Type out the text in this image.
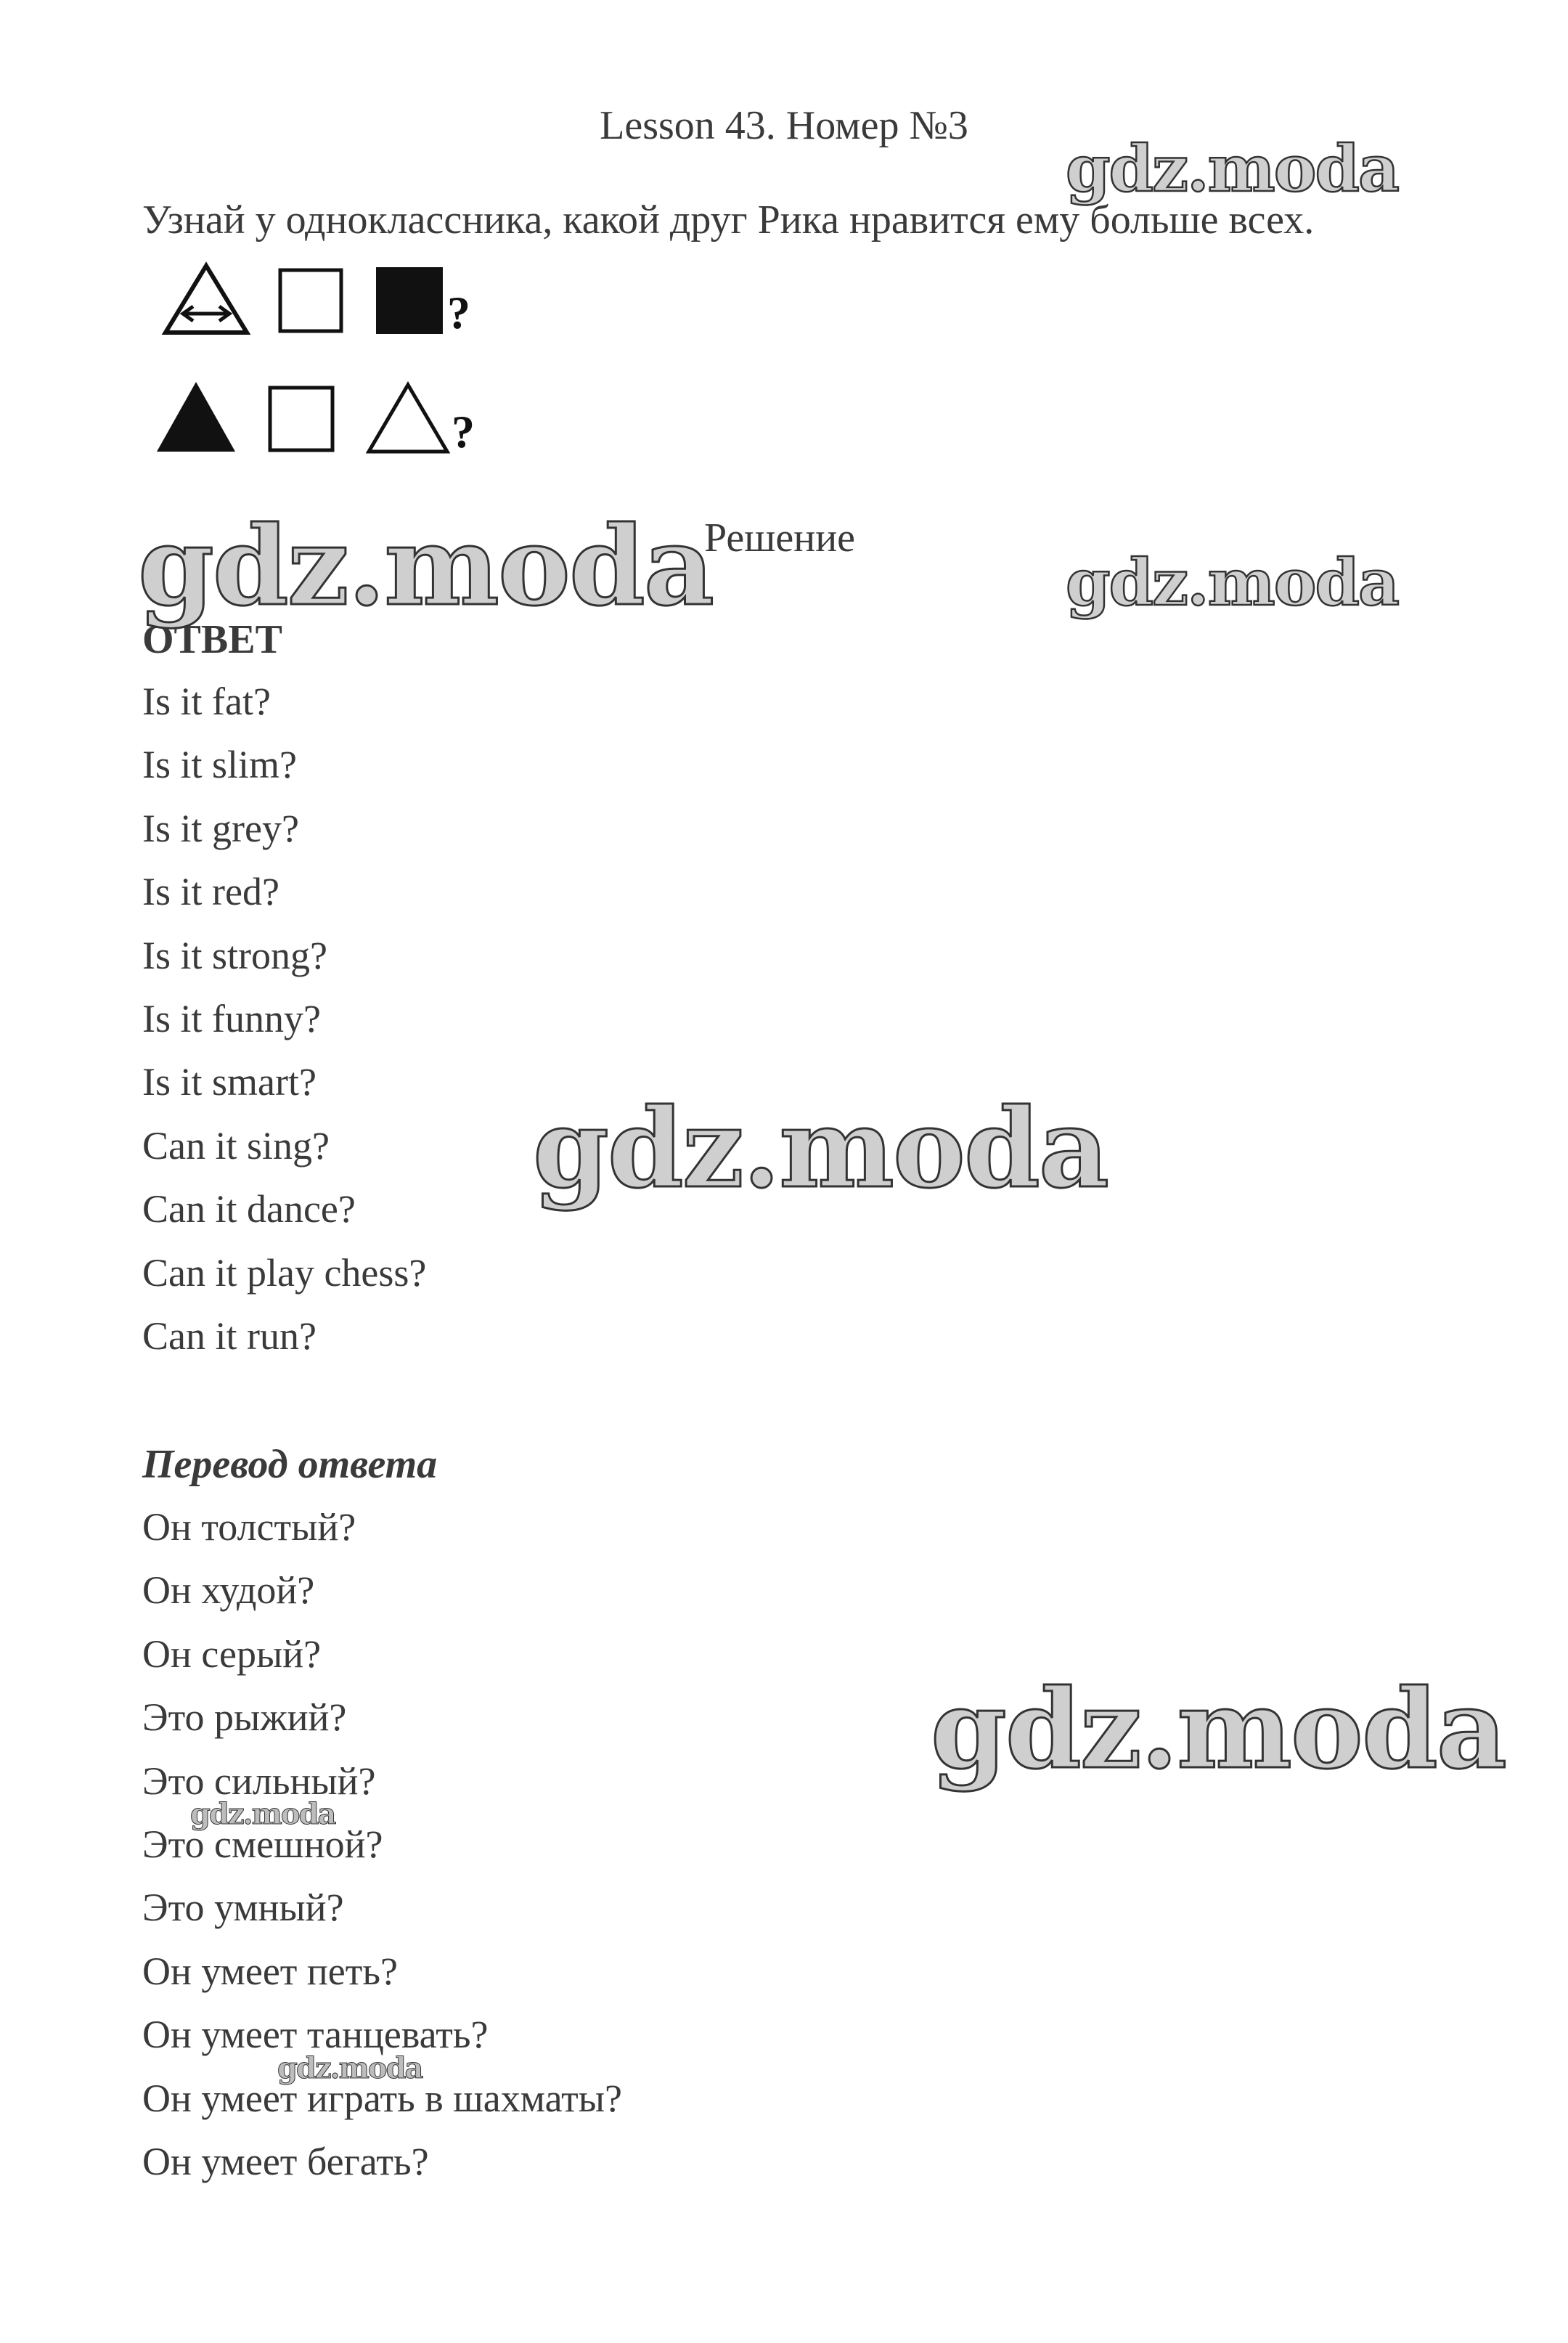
Lesson 43. Номер №3
Узнай у одноклассника, какой друг Рика нравится ему больше всех.
?
?
Решение
ОТВЕТ
Is it fat?
Is it slim?
Is it grey?
Is it red?
Is it strong?
Is it funny?
Is it smart?
Can it sing?
Can it dance?
Can it play chess?
Can it run?
Перевод ответа
Он толстый?
Он худой?
Он серый?
Это рыжий?
Это сильный?
Это смешной?
Это умный?
Он умеет петь?
Он умеет танцевать?
Он умеет играть в шахматы?
Он умеет бегать?
gdz.moda
gdz.moda	gdz.moda
gdz.moda
gdz.moda
gdz.moda
gdz.moda
